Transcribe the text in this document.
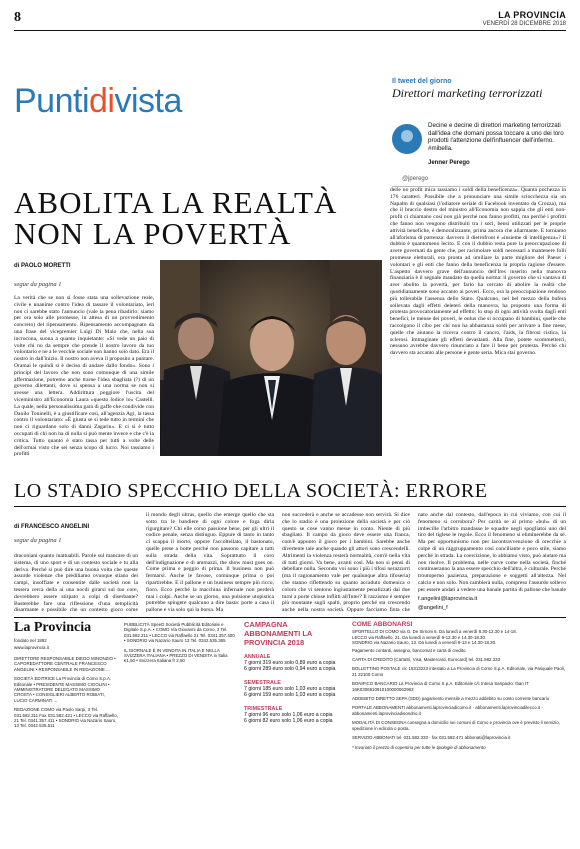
8	LA PROVINCIA
VENERDÌ 28 DICEMBRE 2018
Puntidivista
Il tweet del giorno
Direttori marketing terrorizzati
Decine e decine di direttori marketing terrorizzati dall'idea che domani possa toccare a uno dei loro prodotti l'attenzione dell'influencer dell'inferno. #mibella.
Jenner Perego
@jperego
ABOLITA LA REALTÀ
NON LA POVERTÀ
di PAOLO MORETTI
segue da pagina 1
La verità che se non si fosse stata una sollevazione reale, civile e unanime contro l'idea di tassare il volontariato, ieri non ci sarebbe stato l'annuncio (vale la pena ribadirlo: siamo per ora solo alle promesse, in attesa di un provvedimento concreto) del ripensamento. Ripensamento accompagnato da una frase del vicepremier Luigi Di Maio che, nella sua incrocona, suona a quanto inquietante: «Si vede un paio di volte chi no da sempre che prende il nostro lavoro da tuo volontario e ne a le vecchie sociale non hanno solo dato. Era il nostro in dall'inizio. Il nostro non aveva il proposito a puntare. Oramai le quindi si è deciso di andare dallo fondo». Sono i principi del lavoro che non sono comunque di una simile affermazione, potremo anche trarne l'idea sbagliata (?) di un governo dilettanti, dove si spensa a una norma se non si avesse una lettera. Addirittura peggiore l'uscita del viceministro all'Economia Laura «questo lodice lo» Castelli. La quale, nella personalissima gara di gaffe che condivide con Danilo Toninelli, è a giustificare così, all'agenzia Agi, la tassa contro il volontariato: «È giusta se si tede tutto in termini che non ci riguardano solo di danni Zagarin». E ci si è tutto occupati di chi non ha di nulla si può mente invece e che c'è la critica. Tutto quanto è stato tassa per tutti a volte delle dell'ormai visto che sei senza scopo di lucro. Noi tassiamo i profitti
delle no profit mica tassiamo i soldi della beneficenza». Quanta pochezza in 176 caratteri. Possibile che a pronunciare una simile sciocchezza sia un Napalm di qualsiasi (l'odiatore seriale di Facebook inventato da Crozza), ma che il braccio destro del ministro all'Economia non sappia che gli enti non-profit ci chiamano così non già perché non fanno profitti, ma perché i profitti che fanno non vengono distribuiti tra i soci, bensì utilizzati per le proprie attività benefiche, è demoralizzante, prima ancora che allarmante. E torniamo all'aforisma di partenza: davvero il dietrofront è «insieme di intelligenza»? Il dubbio è quantomeno lecito. E con il dubbio resta pure la preoccupazione di avere governati da gente che, per racimolare soldi necessari a mantenere folli promesse elettorali, era pronta ad umiliare la parte migliore del Paese: i volontari e gli enti che fanno della beneficenza la propria ragione d'essere. L'aspetto davvero grave dell'annuncio dell'Ires inserito nella manovra finanziaria è il segnale mandato da quella norma: il governo che si vantava di aver abolito la povertà, per farlo ha cercato di abolire la realtà che quotidianamente sono accanto ai poveri. Ecco, ora la preoccupazione rendono più tollerabile l'assenza dello Stato. Qualcuno, nel bel mezzo della bufera sollevata dagli effetti deleteri della manovra, ha proposto una forma di protesta provocatoriamente ad effetto: lo stop di ogni attività svolta dagli enti benefici, le mense dei poveri, le onlus che si occupano di bambini, quelle che raccolgono il cibo per chi non ha abbastanza soldi per arrivare a fine mese, quelle che aiutano la ricerca contro il cancro, l'aids, la fibrosi cistica, la sclerosi. Immaginate gli effetti devastanti. Alla fine, potete scommetterci, nessuno avrebbe davvero rinunciato a fare il bene per protesta. Perché chi davvero sta accanto alle persone è gente seria. Mica stai governo.
LO STADIO SPECCHIO DELLA SOCIETÀ: ERRORE
di FRANCESCO ANGELINI
segue da pagina 1
draconiani quanto inattuabili. Parole sul mancare di un sistema, di uno sport e di un contesto sociale e tu alla deriva. Perché si può dire una buona volta che queste assurde violenze che prediliamo ovunque stiano dei campi, insoffiate e consentite dalle società non la tessera cerca della ai una nocdi girarsi sul tuo core, dovrebbero essere stirpato a colpi di diserbante? Basterebbe fare una riflessione d'una semplicità disarmante e possibile che un contesto gioco come
il mondo degli ultras, quello che emerge quello che sta sotto tra le bandiere di ogni colore e foga dirla rigurgitare? Chi elle corso passione bene, per gli ultri il codice penale, senza distinguo. Eppure di tanto in tanto ci scappa il morto, oppure l'accoltellato, il bastonato, quelle prese a botte perché non passono capitare a tutti sulla strada della vita. Soprattutto il coro dell'indignazione e di ammazzi, the show must goes on. Come prima e peggio di prima. Il business non può fermarsi. Anche le favose, comunque prima o poi ripartirebbe. E il pallone e un business sempre più ricco, fioro. Ecco perché la macchina infernale non perderà mai i colpi. Anche se un giorno, una pulsione utopistica potrebbe spingere qualcuno a dire basta: porte a casa il pallone e via solo qui la borsa. Ma
non succederà e anche se accadesse non servirà. Si dice che lo stadio è una proiezione della società e per ciò questo se cose vanno messe in conto. Niente di più sbagliato. Il campo da gioco deve essere una franca, com'è appunto il gioco per i bambini. Sarebbe anche divertente tale anche quando gli attori sono crescendelli. Altrimenti la violenza resterà normalità, com'è nella vita di tutti giorni. Va bene, avanti così. Ma non si pensi di debellare nulla. Secondo voi sono i più i tifosi nerazzurri (ma il ragionamento vale per qualunque altra tifoseria) che stanno riflettendo su quanto accaduto domenica o coloro che vi sentono ingiustamente penalizzati dai due turni a porte chiuse inflitti all'Inter? Il razzismo è sempre più montante sugli spalti, proprio perché sta crescendo anche nella nostra società. Oppure facciamo finta che
nato anche dal contesto, dall'epoca in cui viviamo, con cui il fenomeno si corrobora? Per carità se al primo «buh» di un imbecille l'arbitro mandasse le squadre negli spogliatoi uno del tiro del tiglese le regole. Ecco il fenomeno si eliminerebbe da sé. Ma per opportunismo non per lacontravvenzione di orecchie a colpe di un raggruppamento cosi conciliante e poco stile, siamo perché in strada. La coercizione, lo abbiamo visto, può aiutare ma non risolve. Il problema, nelle curve come nella società, finché continueranno la ana essere specchio dell'altra, è culturale. Perché troutoperno pazienza, preparazione e soggetti all'altezza. Nel calcio e non solo. Non cambierà nulla, compreso l'assurdo sollevo per essere andati a vedere una banale partita di pallone che banale
f.angelini@laprovincia.it
@angelini_f
La Provincia
fondato nel 1892
www.laprovincia.it
DIRETTORE RESPONSABILE DIEGO MINONZIO • CAPOREDATTORE CENTRALE FRANCESCO ANGELINI • RESPONSABILE IN REDAZIONE ...
SOCIETÀ EDITRICE La Provincia di Como S.p.A. Editoriale • PRESIDENTE MASSIMO CIGOLINI • AMMINISTRATORE DELEGATO MASSIMO CROSTA • CONSIGLIERI ALBERTO ROBIATI, LUCIO CARMINATI ...
REDAZIONE COMO via Paolo Sarpi, 3 Tel. 031.582.311 Fax 031.582.421 • LECCO via Raffaello, 21 Tel. 0341.357.411 • SONDRIO via Nazario Sauro, 13 Tel. 0342.535.511
PUBBLICITÀ SpeeD Società Pubblicità Editoriale e Digitale S.p.A. • COMO Via Giovanni da Como, 2 Tel. 031.582.211 • LECCO via Raffaello 21 Tel. 0341.357.400 • SONDRIO via Nazario Sauro 13 Tel. 0342.535.365
IL GIORNALE È IN VENDITA IN ITALIA E NELLA SVIZZERA ITALIANA • PREZZO DI VENDITA in Italia €1,50 • Svizzera Italiana fr 2,50
CAMPAGNA ABBONAMENTI LA PROVINCIA 2018
ANNUALE
7 giorni 319 euro solo 0,89 euro a copia
6 giorni 289 euro solo 0,94 euro a copia
SEMESTRALE
7 giorni 185 euro solo 1,03 euro a copia
6 giorni 159 euro solo 1,03 euro a copia
TRIMESTRALE
7 giorni 96 euro solo 1,06 euro a copia
6 giorni 82 euro solo 1,06 euro a copia
COME ABBONARSI
SPORTELLO DI COMO via G. De Simoni 6. Da lunedì a venerdì 8.30-12.30 e 14-18.
LECCO via Raffaello, 21. Da lunedì a venerdì 9-12.30 e 14.30-18.30.
SONDRIO via Nazario Sauro, 13. Da lunedì a venerdì 9-13 e 14.30-18.30.
Pagamento contanti, assegno, bancomat e carta di credito.
CARTA DI CREDITO (CartaSì, Visa, Mastercard, Eurocard) tel. 031.582.333
BOLLETTINO POSTALE c/c 15313223 intestato a La Provincia di Como S.p.A. Editoriale, via Pasquale Paoli, 21 22100 Como
BONIFICO BANCARIO La Provincia di Como S.p.A. Editoriale c/c Intesa Sanpaolo: Iban IT 16K0306910910100000062963
ADDEBITO DIRETTO SEPA (SDD) pagamento mensile a mezzo addebito su conto corrente bancario
PORTALE ABBONAMENTI abbonamenti.laprovinciadicomo.it - abbonamenti.laprovinciadilecco.it - abbonamenti.laprovinciadisondrio.it
MODALITÀ DI CONSEGNA consegna a domicilio nei comuni di Como e provincia ove è previsto il servizio, spedizione in edicola o posta.
SERVIZIO ABBONATI tel. 031.582.333 - fax 031.582.471 abbonati@laprovincia.it
* Invariato il prezzo di copertina per tutte le tipologie di abbonamento
